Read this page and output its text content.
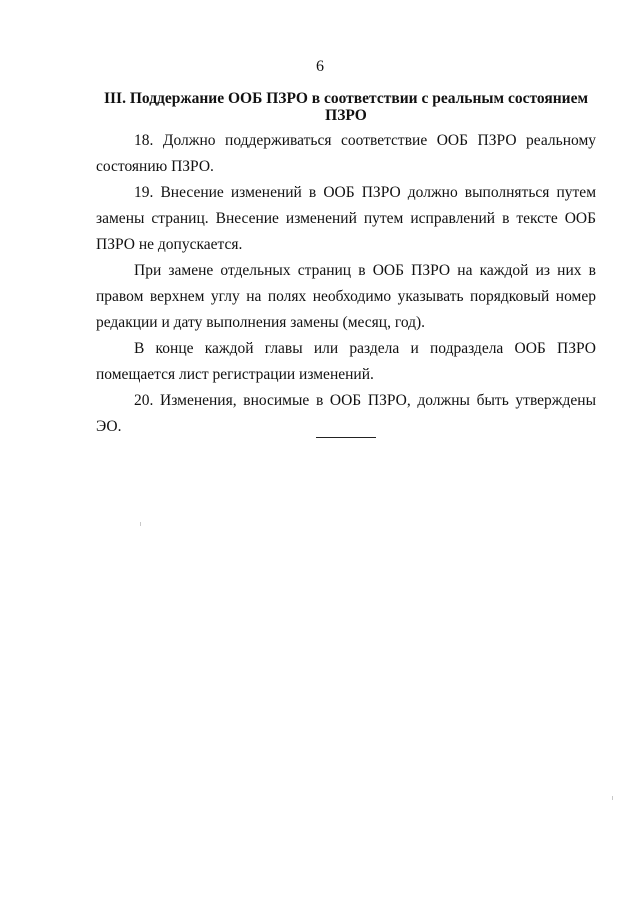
6
III. Поддержание ООБ ПЗРО в соответствии с реальным состоянием ПЗРО

18. Должно поддерживаться соответствие ООБ ПЗРО реальному состоянию ПЗРО.

19. Внесение изменений в ООБ ПЗРО должно выполняться путем замены страниц. Внесение изменений путем исправлений в тексте ООБ ПЗРО не допускается.

При замене отдельных страниц в ООБ ПЗРО на каждой из них в правом верхнем углу на полях необходимо указывать порядковый номер редакции и дату выполнения замены (месяц, год).

В конце каждой главы или раздела и подраздела ООБ ПЗРО помещается лист регистрации изменений.

20. Изменения, вносимые в ООБ ПЗРО, должны быть утверждены ЭО.
